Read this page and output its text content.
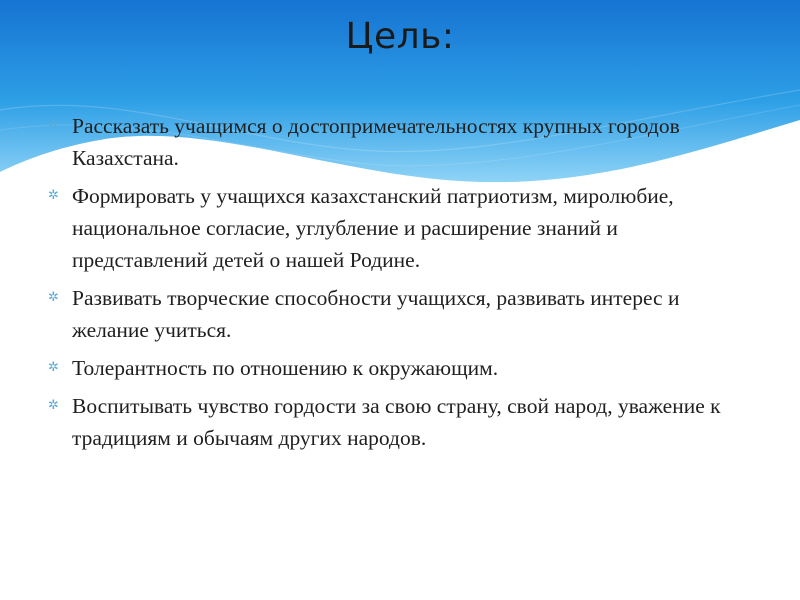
Цель:
✲ Рассказать учащимся о достопримечательностях крупных городов Казахстана.
✲ Формировать у учащихся казахстанский патриотизм, миролюбие, национальное согласие, углубление и расширение знаний и представлений детей о нашей Родине.
✲ Развивать творческие способности учащихся, развивать интерес и желание учиться.
✲ Толерантность по отношению к окружающим.
✲ Воспитывать чувство гордости за свою страну, свой народ, уважение к традициям и обычаям других народов.
